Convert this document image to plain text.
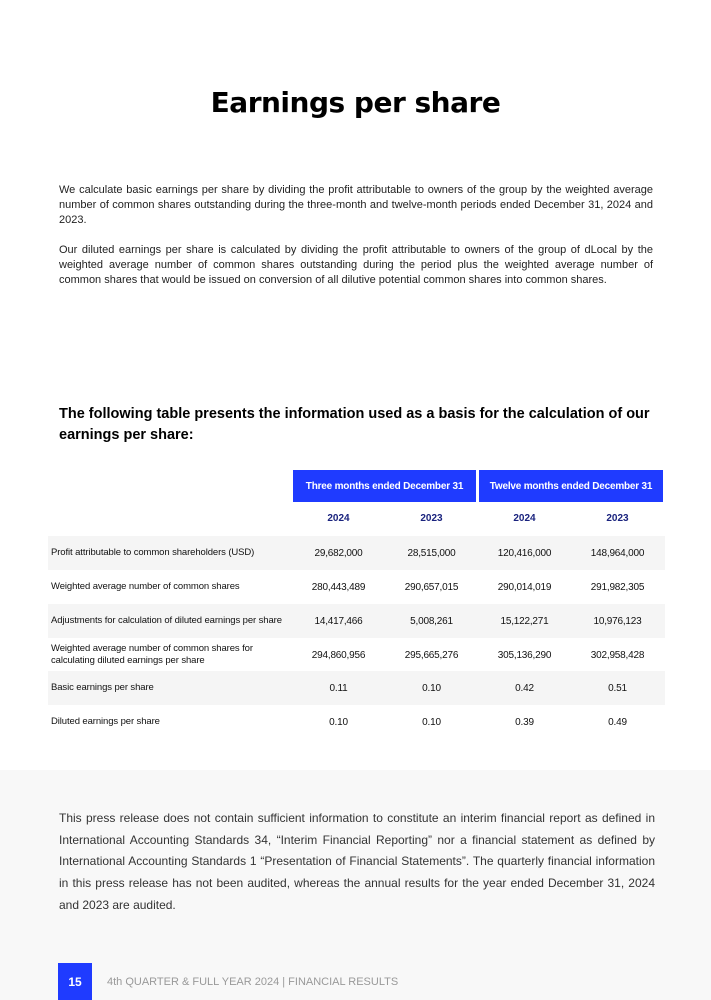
Earnings per share

We calculate basic earnings per share by dividing the profit attributable to owners of the group by the weighted average number of common shares outstanding during the three-month and twelve-month periods ended December 31, 2024 and 2023.

Our diluted earnings per share is calculated by dividing the profit attributable to owners of the group of dLocal by the weighted average number of common shares outstanding during the period plus the weighted average number of common shares that would be issued on conversion of all dilutive potential common shares into common shares.

The following table presents the information used as a basis for the calculation of our earnings per share:
Three months ended December 31	Twelve months ended December 31
2024	2023	2024	2023
Profit attributable to common shareholders (USD)	29,682,000	28,515,000	120,416,000	148,964,000
Weighted average number of common shares	280,443,489	290,657,015	290,014,019	291,982,305
Adjustments for calculation of diluted earnings per share	14,417,466	5,008,261	15,122,271	10,976,123
Weighted average number of common shares for calculating diluted earnings per share	294,860,956	295,665,276	305,136,290	302,958,428
Basic earnings per share	0.11	0.10	0.42	0.51
Diluted earnings per share	0.10	0.10	0.39	0.49
This press release does not contain sufficient information to constitute an interim financial report as defined in International Accounting Standards 34, “Interim Financial Reporting” nor a financial statement as defined by International Accounting Standards 1 “Presentation of Financial Statements”. The quarterly financial information in this press release has not been audited, whereas the annual results for the year ended December 31, 2024 and 2023 are audited.
15	4th QUARTER & FULL YEAR 2024 | FINANCIAL RESULTS
